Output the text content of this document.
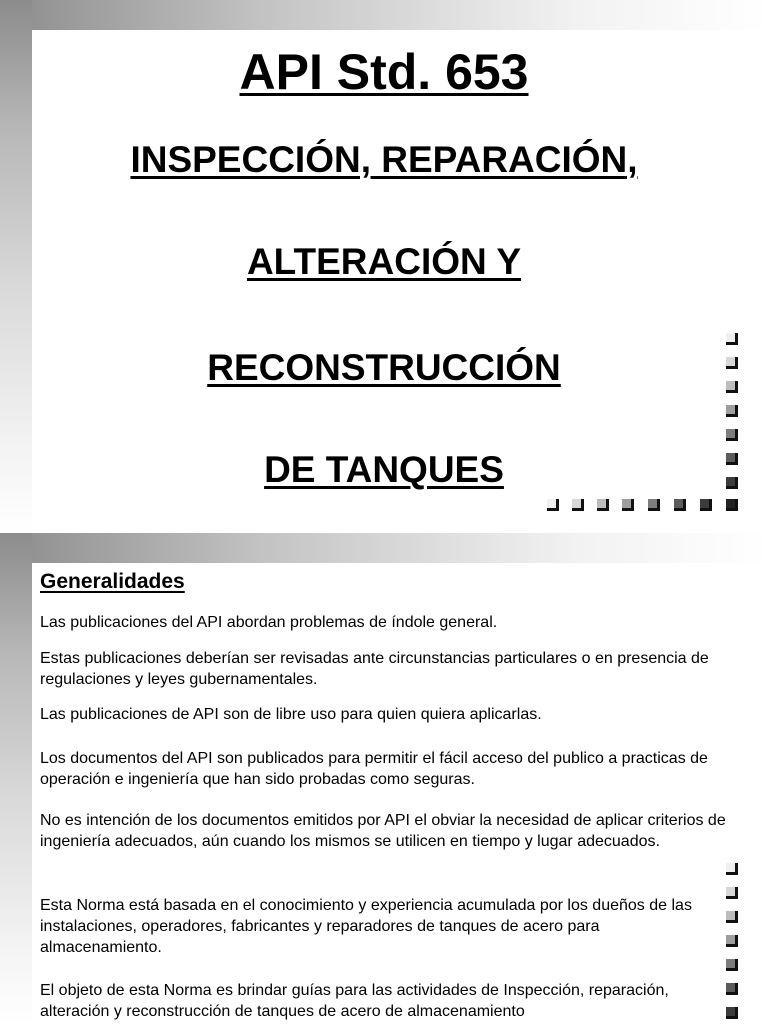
API Std. 653
INSPECCIÓN, REPARACIÓN,
ALTERACIÓN Y
RECONSTRUCCIÓN
DE TANQUES
Generalidades

Las publicaciones del API abordan problemas de índole general.

Estas publicaciones deberían ser revisadas ante circunstancias particulares o en presencia de regulaciones y leyes gubernamentales.

Las publicaciones de API son de libre uso para quien quiera aplicarlas.

Los documentos del API son publicados para permitir el fácil acceso del publico a practicas de operación e ingeniería que han sido probadas como seguras.

No es intención de los documentos emitidos por API el obviar la necesidad de aplicar criterios de ingeniería adecuados, aún cuando los mismos se utilicen en tiempo y lugar adecuados.

Esta Norma está basada en el conocimiento y experiencia acumulada por los dueños de las instalaciones, operadores, fabricantes y reparadores de tanques de acero para almacenamiento.

El objeto de esta Norma es brindar guías para las actividades de Inspección, reparación, alteración y reconstrucción de tanques de acero de almacenamiento
